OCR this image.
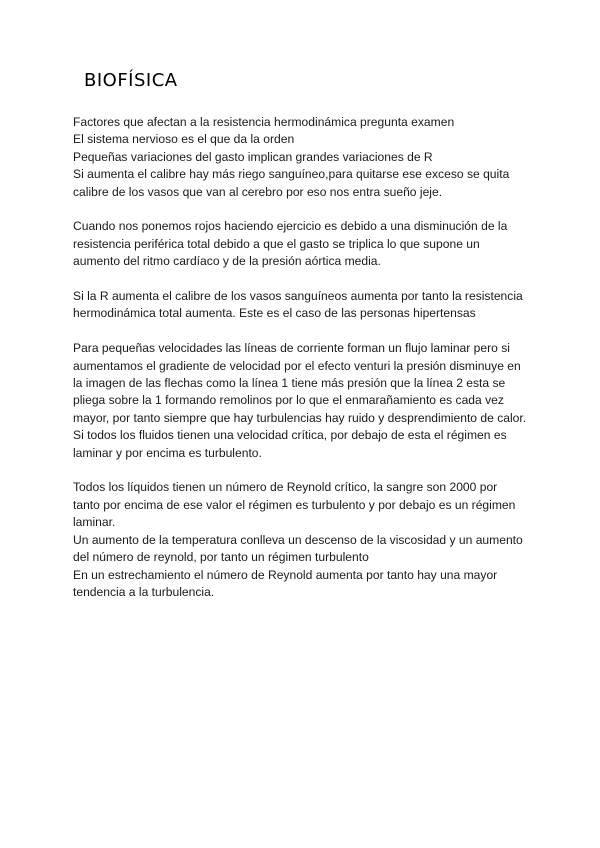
BIOFÍSICA

Factores que afectan a la resistencia hermodinámica pregunta examen
El sistema nervioso es el que da la orden
Pequeñas variaciones del gasto implican grandes variaciones de R
Si aumenta el calibre hay más riego sanguíneo,para quitarse ese exceso se quita
calibre de los vasos que van al cerebro por eso nos entra sueño jeje.

Cuando nos ponemos rojos haciendo ejercicio es debido a una disminución de la
resistencia periférica total debido a que el gasto se triplica lo que supone un
aumento del ritmo cardíaco y de la presión aórtica media.

Si la R aumenta el calibre de los vasos sanguíneos aumenta por tanto la resistencia
hermodinámica total aumenta. Este es el caso de las personas hipertensas

Para pequeñas velocidades las líneas de corriente forman un flujo laminar pero si
aumentamos el gradiente de velocidad por el efecto venturi la presión disminuye en
la imagen de las flechas como la línea 1 tiene más presión que la línea 2 esta se
pliega sobre la 1 formando remolinos por lo que el enmarañamiento es cada vez
mayor, por tanto siempre que hay turbulencias hay ruido y desprendimiento de calor.
Si todos los fluidos tienen una velocidad crítica, por debajo de esta el régimen es
laminar y por encima es turbulento.

Todos los líquidos tienen un número de Reynold crítico, la sangre son 2000 por
tanto por encima de ese valor el régimen es turbulento y por debajo es un régimen
laminar.
Un aumento de la temperatura conlleva un descenso de la viscosidad y un aumento
del número de reynold, por tanto un régimen turbulento
En un estrechamiento el número de Reynold aumenta por tanto hay una mayor
tendencia a la turbulencia.
